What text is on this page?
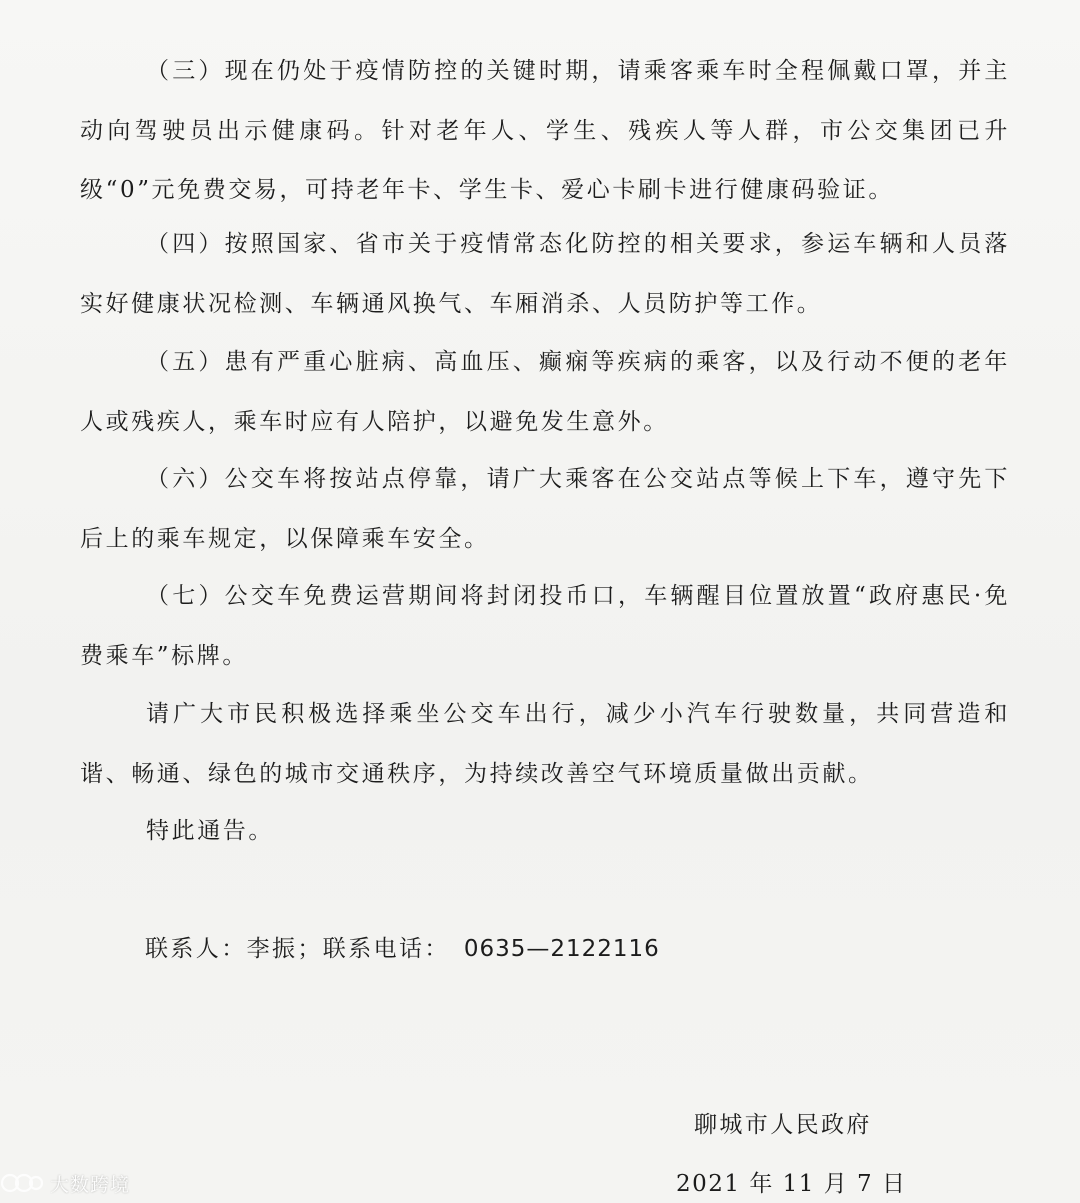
（三）现在仍处于疫情防控的关键时期，请乘客乘车时全程佩戴口罩，并主动向驾驶员出示健康码。针对老年人、学生、残疾人等人群，市公交集团已升级“0”元免费交易，可持老年卡、学生卡、爱心卡刷卡进行健康码验证。

（四）按照国家、省市关于疫情常态化防控的相关要求，参运车辆和人员落实好健康状况检测、车辆通风换气、车厢消杀、人员防护等工作。

（五）患有严重心脏病、高血压、癫痫等疾病的乘客，以及行动不便的老年人或残疾人，乘车时应有人陪护，以避免发生意外。

（六）公交车将按站点停靠，请广大乘客在公交站点等候上下车，遵守先下后上的乘车规定，以保障乘车安全。

（七）公交车免费运营期间将封闭投币口，车辆醒目位置放置“政府惠民·免费乘车”标牌。

请广大市民积极选择乘坐公交车出行，减少小汽车行驶数量，共同营造和谐、畅通、绿色的城市交通秩序，为持续改善空气环境质量做出贡献。

特此通告。

联系人：李振；联系电话： 0635—2122116

聊城市人民政府

2021 年 11 月 7 日

大数跨境
